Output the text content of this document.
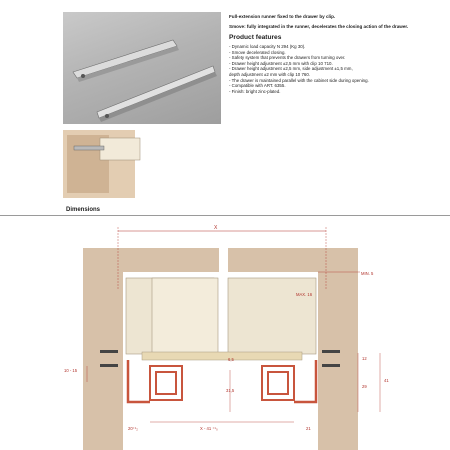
Full-extension runner fixed to the drawer by clip.

Smove: fully integrated in the runner, decelerates the closing action of the drawer.

Product features
- Dynamic load capacity N 294 (Kg 30).
- Smove decelerated closing.
- Safety system that prevents the drawers from turning over.
- Drawer height adjustment ±2,5 mm with clip 10 710.
- Drawer height adjustment ±2,5 mm, side adjustment ±1,5 mm,
depth adjustment ±2 mm with clip 10 760.
- The drawer is maintained parallel with the cabinet side during opening.
- Compatible with ART. 6355.
- Finish: bright zinc-plated.
Dimensions
X
MIN. 5
MAX. 16
6,5	12
29
41
10 - 15
31,5
20⁺¹₂	X - 41 ⁺¹₀	21
